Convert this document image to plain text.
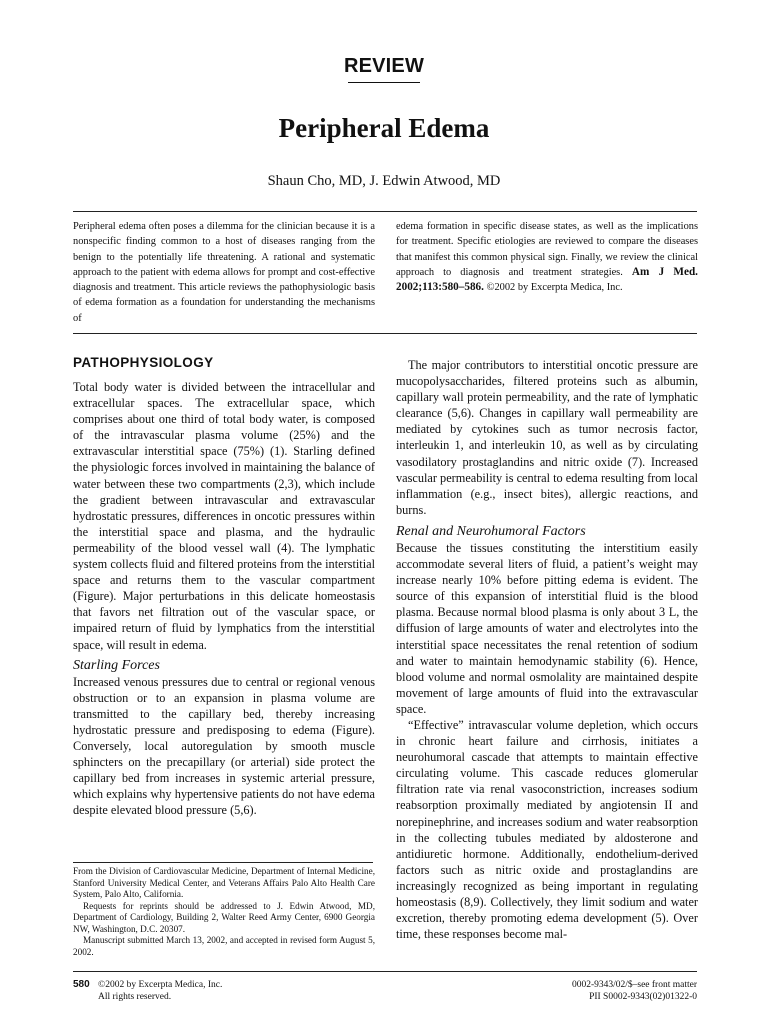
REVIEW
Peripheral Edema
Shaun Cho, MD, J. Edwin Atwood, MD
Peripheral edema often poses a dilemma for the clinician because it is a nonspecific finding common to a host of diseases ranging from the benign to the potentially life threatening. A rational and systematic approach to the patient with edema allows for prompt and cost-effective diagnosis and treatment. This article reviews the pathophysiologic basis of edema formation as a foundation for understanding the mechanisms of
edema formation in specific disease states, as well as the implications for treatment. Specific etiologies are reviewed to compare the diseases that manifest this common physical sign. Finally, we review the clinical approach to diagnosis and treatment strategies. Am J Med. 2002;113:580–586. ©2002 by Excerpta Medica, Inc.
PATHOPHYSIOLOGY

Total body water is divided between the intracellular and extracellular spaces. The extracellular space, which comprises about one third of total body water, is composed of the intravascular plasma volume (25%) and the extravascular interstitial space (75%) (1). Starling defined the physiologic forces involved in maintaining the balance of water between these two compartments (2,3), which include the gradient between intravascular and extravascular hydrostatic pressures, differences in oncotic pressures within the interstitial space and plasma, and the hydraulic permeability of the blood vessel wall (4). The lymphatic system collects fluid and filtered proteins from the interstitial space and returns them to the vascular compartment (Figure). Major perturbations in this delicate homeostasis that favors net filtration out of the vascular space, or impaired return of fluid by lymphatics from the interstitial space, will result in edema.

Starling Forces

Increased venous pressures due to central or regional venous obstruction or to an expansion in plasma volume are transmitted to the capillary bed, thereby increasing hydrostatic pressure and predisposing to edema (Figure). Conversely, local autoregulation by smooth muscle sphincters on the precapillary (or arterial) side protect the capillary bed from increases in systemic arterial pressure, which explains why hypertensive patients do not have edema despite elevated blood pressure (5,6).

The major contributors to interstitial oncotic pressure are mucopolysaccharides, filtered proteins such as albumin, capillary wall protein permeability, and the rate of lymphatic clearance (5,6). Changes in capillary wall permeability are mediated by cytokines such as tumor necrosis factor, interleukin 1, and interleukin 10, as well as by circulating vasodilatory prostaglandins and nitric oxide (7). Increased vascular permeability is central to edema resulting from local inflammation (e.g., insect bites), allergic reactions, and burns.

Renal and Neurohumoral Factors

Because the tissues constituting the interstitium easily accommodate several liters of fluid, a patient’s weight may increase nearly 10% before pitting edema is evident. The source of this expansion of interstitial fluid is the blood plasma. Because normal blood plasma is only about 3 L, the diffusion of large amounts of water and electrolytes into the interstitial space necessitates the renal retention of sodium and water to maintain hemodynamic stability (6). Hence, blood volume and normal osmolality are maintained despite movement of large amounts of fluid into the extravascular space.

“Effective” intravascular volume depletion, which occurs in chronic heart failure and cirrhosis, initiates a neurohumoral cascade that attempts to maintain effective circulating volume. This cascade reduces glomerular filtration rate via renal vasoconstriction, increases sodium reabsorption proximally mediated by angiotensin II and norepinephrine, and increases sodium and water reabsorption in the collecting tubules mediated by aldosterone and antidiuretic hormone. Additionally, endothelium-derived factors such as nitric oxide and prostaglandins are increasingly recognized as being important in regulating homeostasis (8,9). Collectively, they limit sodium and water excretion, thereby promoting edema development (5). Over time, these responses become mal-

From the Division of Cardiovascular Medicine, Department of Internal Medicine, Stanford University Medical Center, and Veterans Affairs Palo Alto Health Care System, Palo Alto, California.

Requests for reprints should be addressed to J. Edwin Atwood, MD, Department of Cardiology, Building 2, Walter Reed Army Center, 6900 Georgia NW, Washington, D.C. 20307.

Manuscript submitted March 13, 2002, and accepted in revised form August 5, 2002.

580 ©2002 by Excerpta Medica, Inc.
All rights reserved.
0002-9343/02/$–see front matter
PII S0002-9343(02)01322-0
